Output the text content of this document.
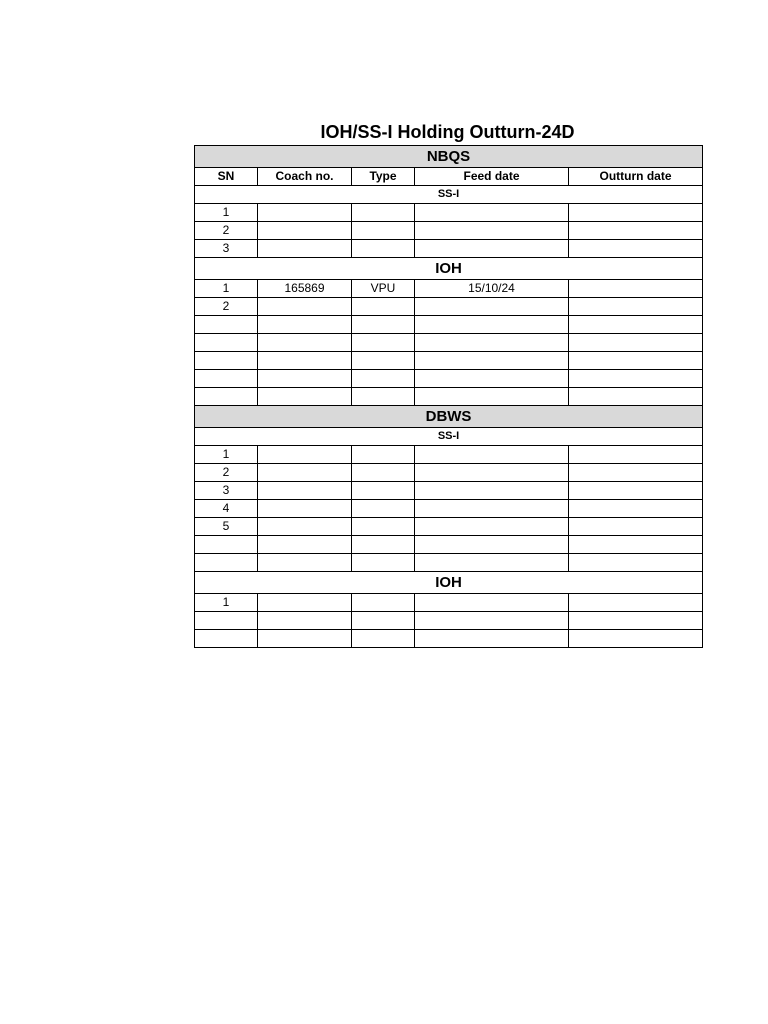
IOH/SS-I Holding Outturn-24D
NBQS				
SN	Coach no.	Type	Feed date	Outturn date
SS-I				
1				
2				
3				
IOH				
1	165869	VPU	15/10/24	
2				

DBWS				
SS-I				
1				
2				
3				
4				
5				

IOH				
1				
